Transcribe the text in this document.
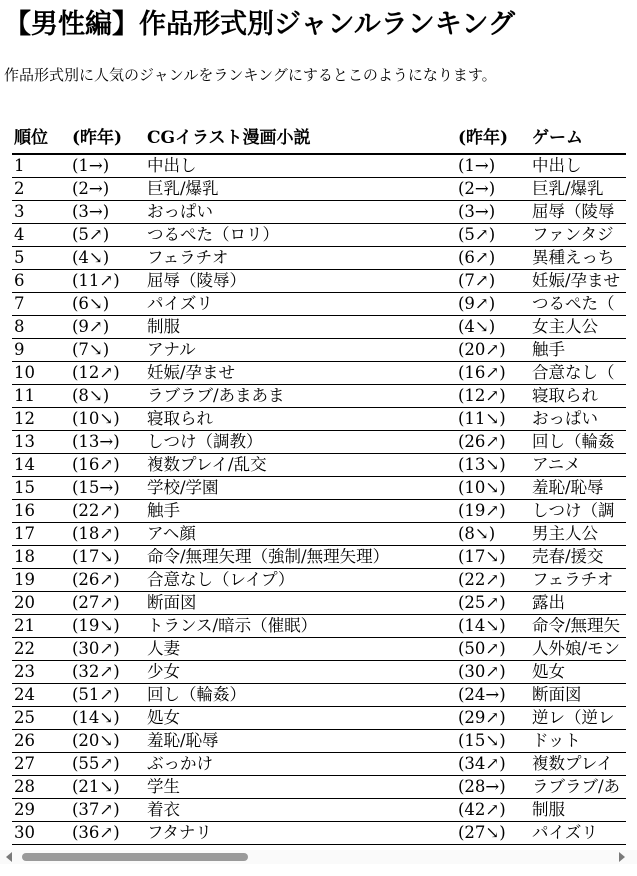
【男性編】作品形式別ジャンルランキング

作品形式別に人気のジャンルをランキングにするとこのようになります。

順位	(昨年)	CGイラスト漫画小説	(昨年)	ゲーム
1	(1→)	中出し	(1→)	中出し
2	(2→)	巨乳/爆乳	(2→)	巨乳/爆乳
3	(3→)	おっぱい	(3→)	屈辱（陵辱
4	(5↗)	つるぺた（ロリ）	(5↗)	ファンタジ
5	(4↘)	フェラチオ	(6↗)	異種えっち
6	(11↗)	屈辱（陵辱）	(7↗)	妊娠/孕ませ
7	(6↘)	パイズリ	(9↗)	つるぺた（
8	(9↗)	制服	(4↘)	女主人公
9	(7↘)	アナル	(20↗)	触手
10	(12↗)	妊娠/孕ませ	(16↗)	合意なし（
11	(8↘)	ラブラブ/あまあま	(12↗)	寝取られ
12	(10↘)	寝取られ	(11↘)	おっぱい
13	(13→)	しつけ（調教）	(26↗)	回し（輪姦
14	(16↗)	複数プレイ/乱交	(13↘)	アニメ
15	(15→)	学校/学園	(10↘)	羞恥/恥辱
16	(22↗)	触手	(19↗)	しつけ（調
17	(18↗)	アヘ顔	(8↘)	男主人公
18	(17↘)	命令/無理矢理（強制/無理矢理）	(17↘)	売春/援交
19	(26↗)	合意なし（レイプ）	(22↗)	フェラチオ
20	(27↗)	断面図	(25↗)	露出
21	(19↘)	トランス/暗示（催眠）	(14↘)	命令/無理矢
22	(30↗)	人妻	(50↗)	人外娘/モン
23	(32↗)	少女	(30↗)	処女
24	(51↗)	回し（輪姦）	(24→)	断面図
25	(14↘)	処女	(29↗)	逆レ（逆レ
26	(20↘)	羞恥/恥辱	(15↘)	ドット
27	(55↗)	ぶっかけ	(34↗)	複数プレイ
28	(21↘)	学生	(28→)	ラブラブ/あ
29	(37↗)	着衣	(42↗)	制服
30	(36↗)	フタナリ	(27↘)	パイズリ
